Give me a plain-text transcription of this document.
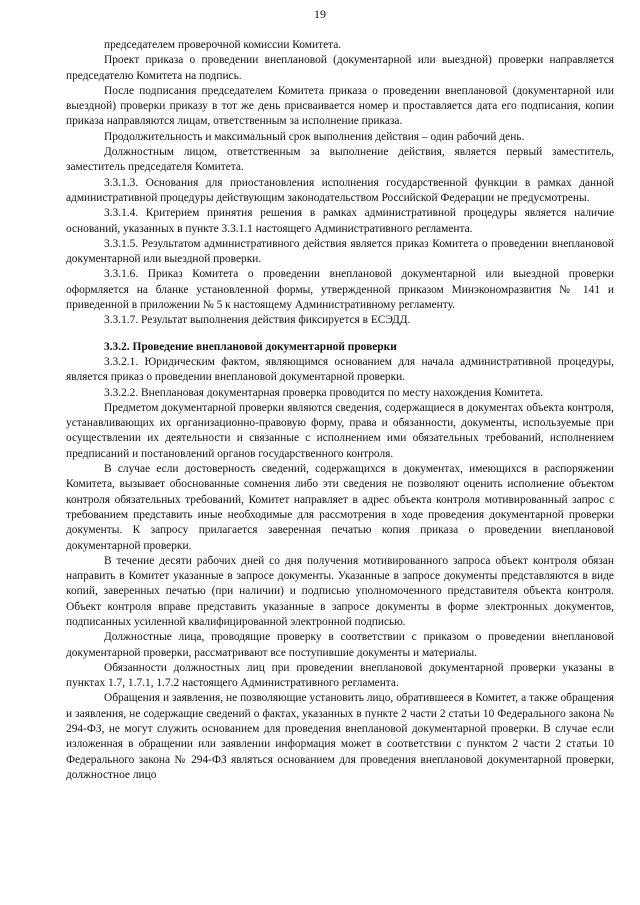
19

председателем проверочной комиссии Комитета.

Проект приказа о проведении внеплановой (документарной или выездной) проверки направляется председателю Комитета на подпись.

После подписания председателем Комитета приказа о проведении внеплановой (документарной или выездной) проверки приказу в тот же день присваивается номер и проставляется дата его подписания, копии приказа направляются лицам, ответственным за исполнение приказа.

Продолжительность и максимальный срок выполнения действия – один рабочий день.

Должностным лицом, ответственным за выполнение действия, является первый заместитель, заместитель председателя Комитета.

3.3.1.3. Основания для приостановления исполнения государственной функции в рамках данной административной процедуры действующим законодательством Российской Федерации не предусмотрены.

3.3.1.4. Критерием принятия решения в рамках административной процедуры является наличие оснований, указанных в пункте 3.3.1.1 настоящего Административного регламента.

3.3.1.5. Результатом административного действия является приказ Комитета о проведении внеплановой документарной или выездной проверки.

3.3.1.6. Приказ Комитета о проведении внеплановой документарной или выездной проверки оформляется на бланке установленной формы, утвержденной приказом Минэкономразвития № 141 и приведенной в приложении № 5 к настоящему Административному регламенту.

3.3.1.7. Результат выполнения действия фиксируется в ЕСЭДД.

3.3.2. Проведение внеплановой документарной проверки

3.3.2.1. Юридическим фактом, являющимся основанием для начала административной процедуры, является приказ о проведении внеплановой документарной проверки.

3.3.2.2. Внеплановая документарная проверка проводится по месту нахождения Комитета.

Предметом документарной проверки являются сведения, содержащиеся в документах объекта контроля, устанавливающих их организационно-правовую форму, права и обязанности, документы, используемые при осуществлении их деятельности и связанные с исполнением ими обязательных требований, исполнением предписаний и постановлений органов государственного контроля.

В случае если достоверность сведений, содержащихся в документах, имеющихся в распоряжении Комитета, вызывает обоснованные сомнения либо эти сведения не позволяют оценить исполнение объектом контроля обязательных требований, Комитет направляет в адрес объекта контроля мотивированный запрос с требованием представить иные необходимые для рассмотрения в ходе проведения документарной проверки документы. К запросу прилагается заверенная печатью копия приказа о проведении внеплановой документарной проверки.

В течение десяти рабочих дней со дня получения мотивированного запроса объект контроля обязан направить в Комитет указанные в запросе документы. Указанные в запросе документы представляются в виде копий, заверенных печатью (при наличии) и подписью уполномоченного представителя объекта контроля. Объект контроля вправе представить указанные в запросе документы в форме электронных документов, подписанных усиленной квалифицированной электронной подписью.

Должностные лица, проводящие проверку в соответствии с приказом о проведении внеплановой документарной проверки, рассматривают все поступившие документы и материалы.

Обязанности должностных лиц при проведении внеплановой документарной проверки указаны в пунктах 1.7, 1.7.1, 1.7.2 настоящего Административного регламента.

Обращения и заявления, не позволяющие установить лицо, обратившееся в Комитет, а также обращения и заявления, не содержащие сведений о фактах, указанных в пункте 2 части 2 статьи 10 Федерального закона № 294-ФЗ, не могут служить основанием для проведения внеплановой документарной проверки. В случае если изложенная в обращении или заявлении информация может в соответствии с пунктом 2 части 2 статьи 10 Федерального закона № 294-ФЗ являться основанием для проведения внеплановой документарной проверки, должностное лицо
